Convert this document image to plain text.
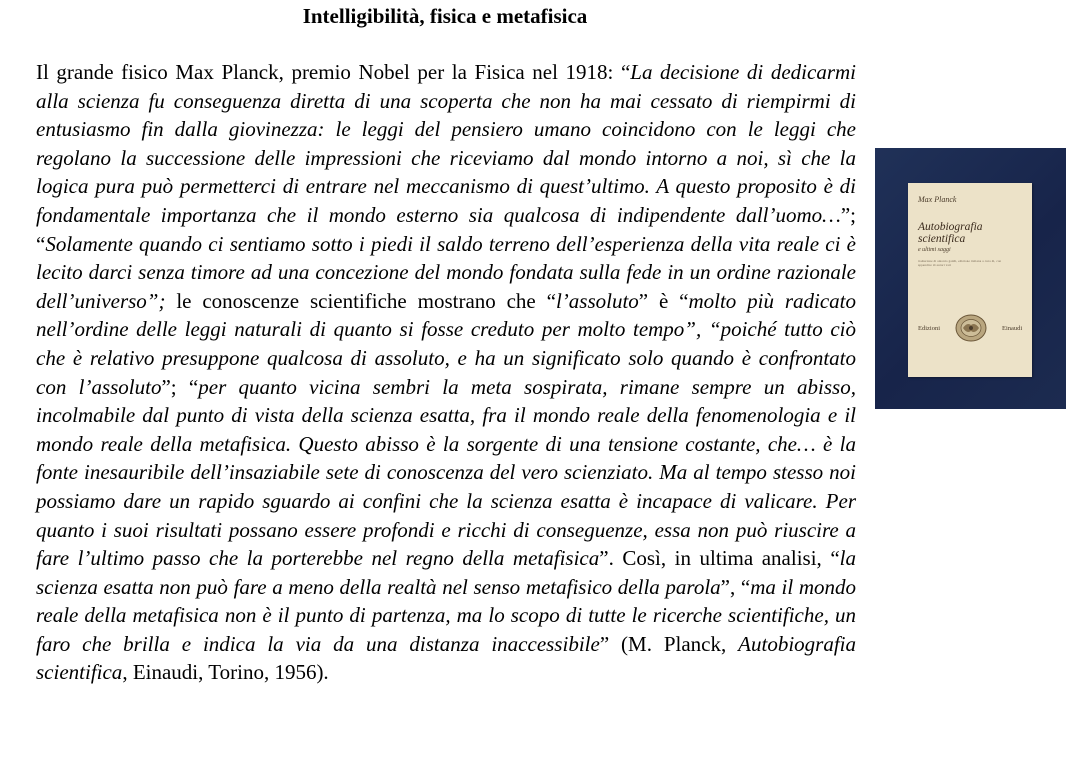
Intelligibilità, fisica e metafisica

Il grande fisico Max Planck, premio Nobel per la Fisica nel 1918: “La decisione di dedicarmi alla scienza fu conseguenza diretta di una scoperta che non ha mai cessato di riempirmi di entusiasmo fin dalla giovinezza: le leggi del pensiero umano coincidono con le leggi che regolano la successione delle impressioni che riceviamo dal mondo intorno a noi, sì che la logica pura può permetterci di entrare nel meccanismo di quest’ultimo. A questo proposito è di fondamentale importanza che il mondo esterno sia qualcosa di indipendente dall’uomo…”; “Solamente quando ci sentiamo sotto i piedi il saldo terreno dell’esperienza della vita reale ci è lecito darci senza timore ad una concezione del mondo fondata sulla fede in un ordine razionale dell’universo”; le conoscenze scientifiche mostrano che “l’assoluto” è “molto più radicato nell’ordine delle leggi naturali di quanto si fosse creduto per molto tempo”, “poiché tutto ciò che è relativo presuppone qualcosa di assoluto, e ha un significato solo quando è confrontato con l’assoluto”; “per quanto vicina sembri la meta sospirata, rimane sempre un abisso, incolmabile dal punto di vista della scienza esatta, fra il mondo reale della fenomenologia e il mondo reale della metafisica. Questo abisso è la sorgente di una tensione costante, che… è la fonte inesauribile dell’insaziabile sete di conoscenza del vero scienziato. Ma al tempo stesso noi possiamo dare un rapido sguardo ai confini che la scienza esatta è incapace di valicare. Per quanto i suoi risultati possano essere profondi e ricchi di conseguenze, essa non può riuscire a fare l’ultimo passo che la porterebbe nel regno della metafisica”. Così, in ultima analisi, “la scienza esatta non può fare a meno della realtà nel senso metafisico della parola”, “ma il mondo reale della metafisica non è il punto di partenza, ma lo scopo di tutte le ricerche scientifiche, un faro che brilla e indica la via da una distanza inaccessibile” (M. Planck, Autobiografia scientifica, Einaudi, Torino, 1956).

Max Planck
Autobiografia scientifica
e ultimi saggi
traduzione di antonio gaddi, edizione italiana a cura di, con appendice di autori vari
Edizioni	Einaudi
